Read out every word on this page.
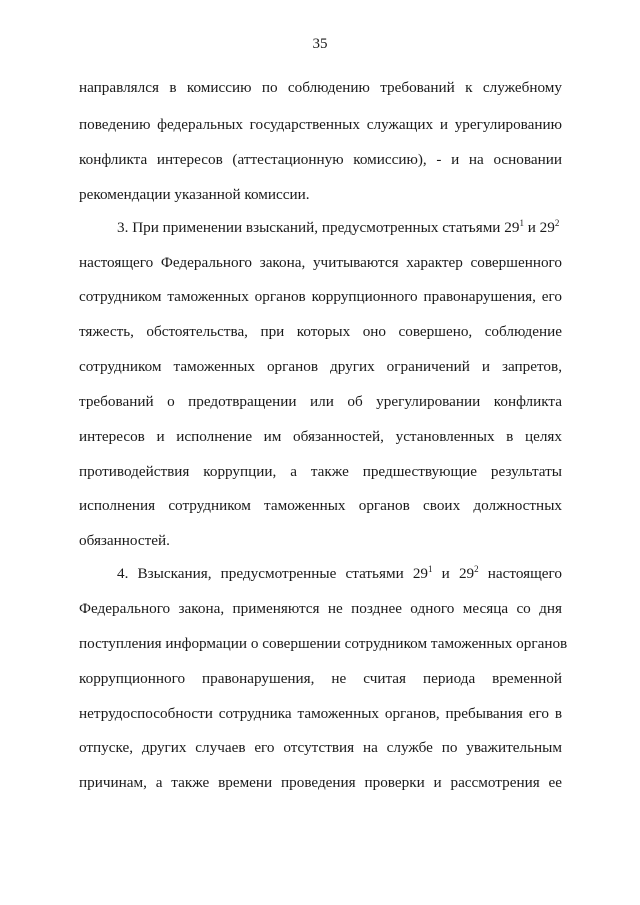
35
направлялся в комиссию по соблюдению требований к служебному
поведению федеральных государственных служащих и урегулированию
конфликта интересов (аттестационную комиссию), - и на основании
рекомендации указанной комиссии.
3. При применении взысканий, предусмотренных статьями $29^1$ и $29^2$
настоящего Федерального закона, учитываются характер совершенного
сотрудником таможенных органов коррупционного правонарушения, его
тяжесть, обстоятельства, при которых оно совершено, соблюдение
сотрудником таможенных органов других ограничений и запретов,
требований о предотвращении или об урегулировании конфликта
интересов и исполнение им обязанностей, установленных в целях
противодействия коррупции, а также предшествующие результаты
исполнения сотрудником таможенных органов своих должностных
обязанностей.
4. Взыскания, предусмотренные статьями $29^1$ и $29^2$ настоящего
Федерального закона, применяются не позднее одного месяца со дня
поступления информации о совершении сотрудником таможенных органов
коррупционного правонарушения, не считая периода временной
нетрудоспособности сотрудника таможенных органов, пребывания его в
отпуске, других случаев его отсутствия на службе по уважительным
причинам, а также времени проведения проверки и рассмотрения ее
